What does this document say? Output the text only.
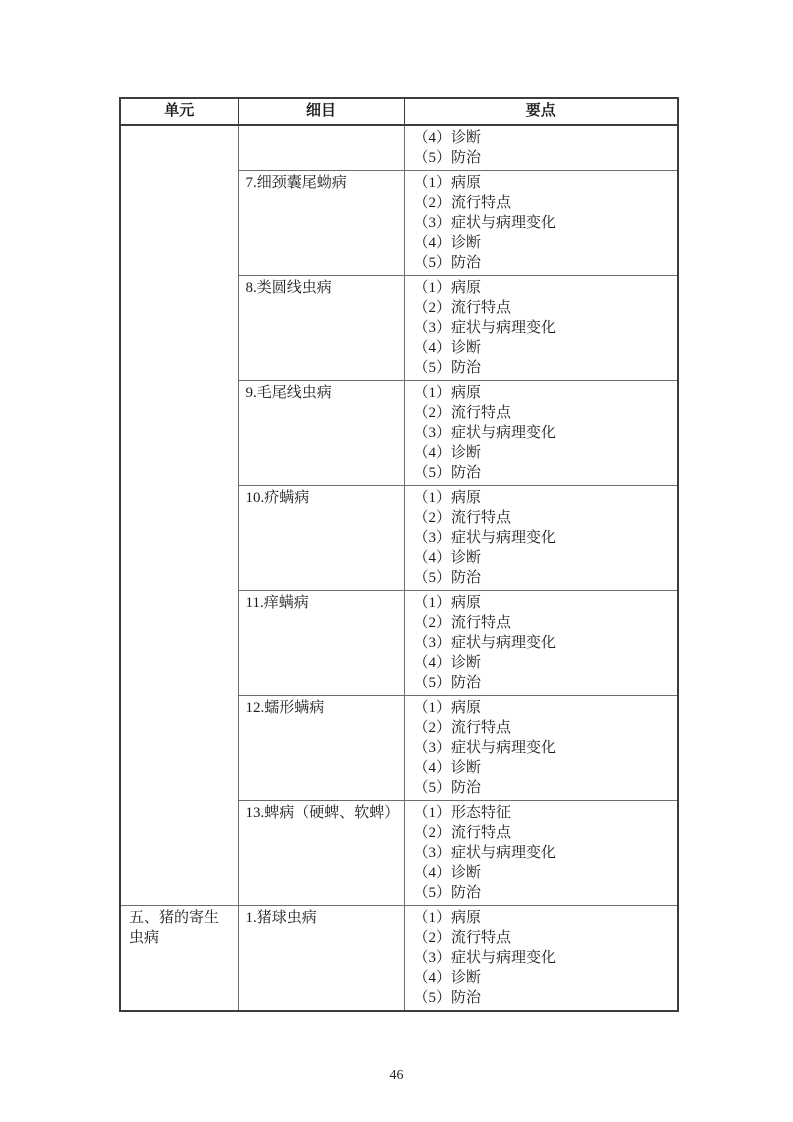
单元	细目	要点

		（4）诊断
（5）防治

	7.细颈囊尾蚴病	（1）病原
（2）流行特点
（3）症状与病理变化
（4）诊断
（5）防治

	8.类圆线虫病	（1）病原
（2）流行特点
（3）症状与病理变化
（4）诊断
（5）防治

	9.毛尾线虫病	（1）病原
（2）流行特点
（3）症状与病理变化
（4）诊断
（5）防治

	10.疥螨病	（1）病原
（2）流行特点
（3）症状与病理变化
（4）诊断
（5）防治

	11.痒螨病	（1）病原
（2）流行特点
（3）症状与病理变化
（4）诊断
（5）防治

	12.蠕形螨病	（1）病原
（2）流行特点
（3）症状与病理变化
（4）诊断
（5）防治

	13.蜱病（硬蜱、软蜱）	（1）形态特征
（2）流行特点
（3）症状与病理变化
（4）诊断
（5）防治

五、猪的寄生虫病	1.猪球虫病	（1）病原
（2）流行特点
（3）症状与病理变化
（4）诊断
（5）防治
46
